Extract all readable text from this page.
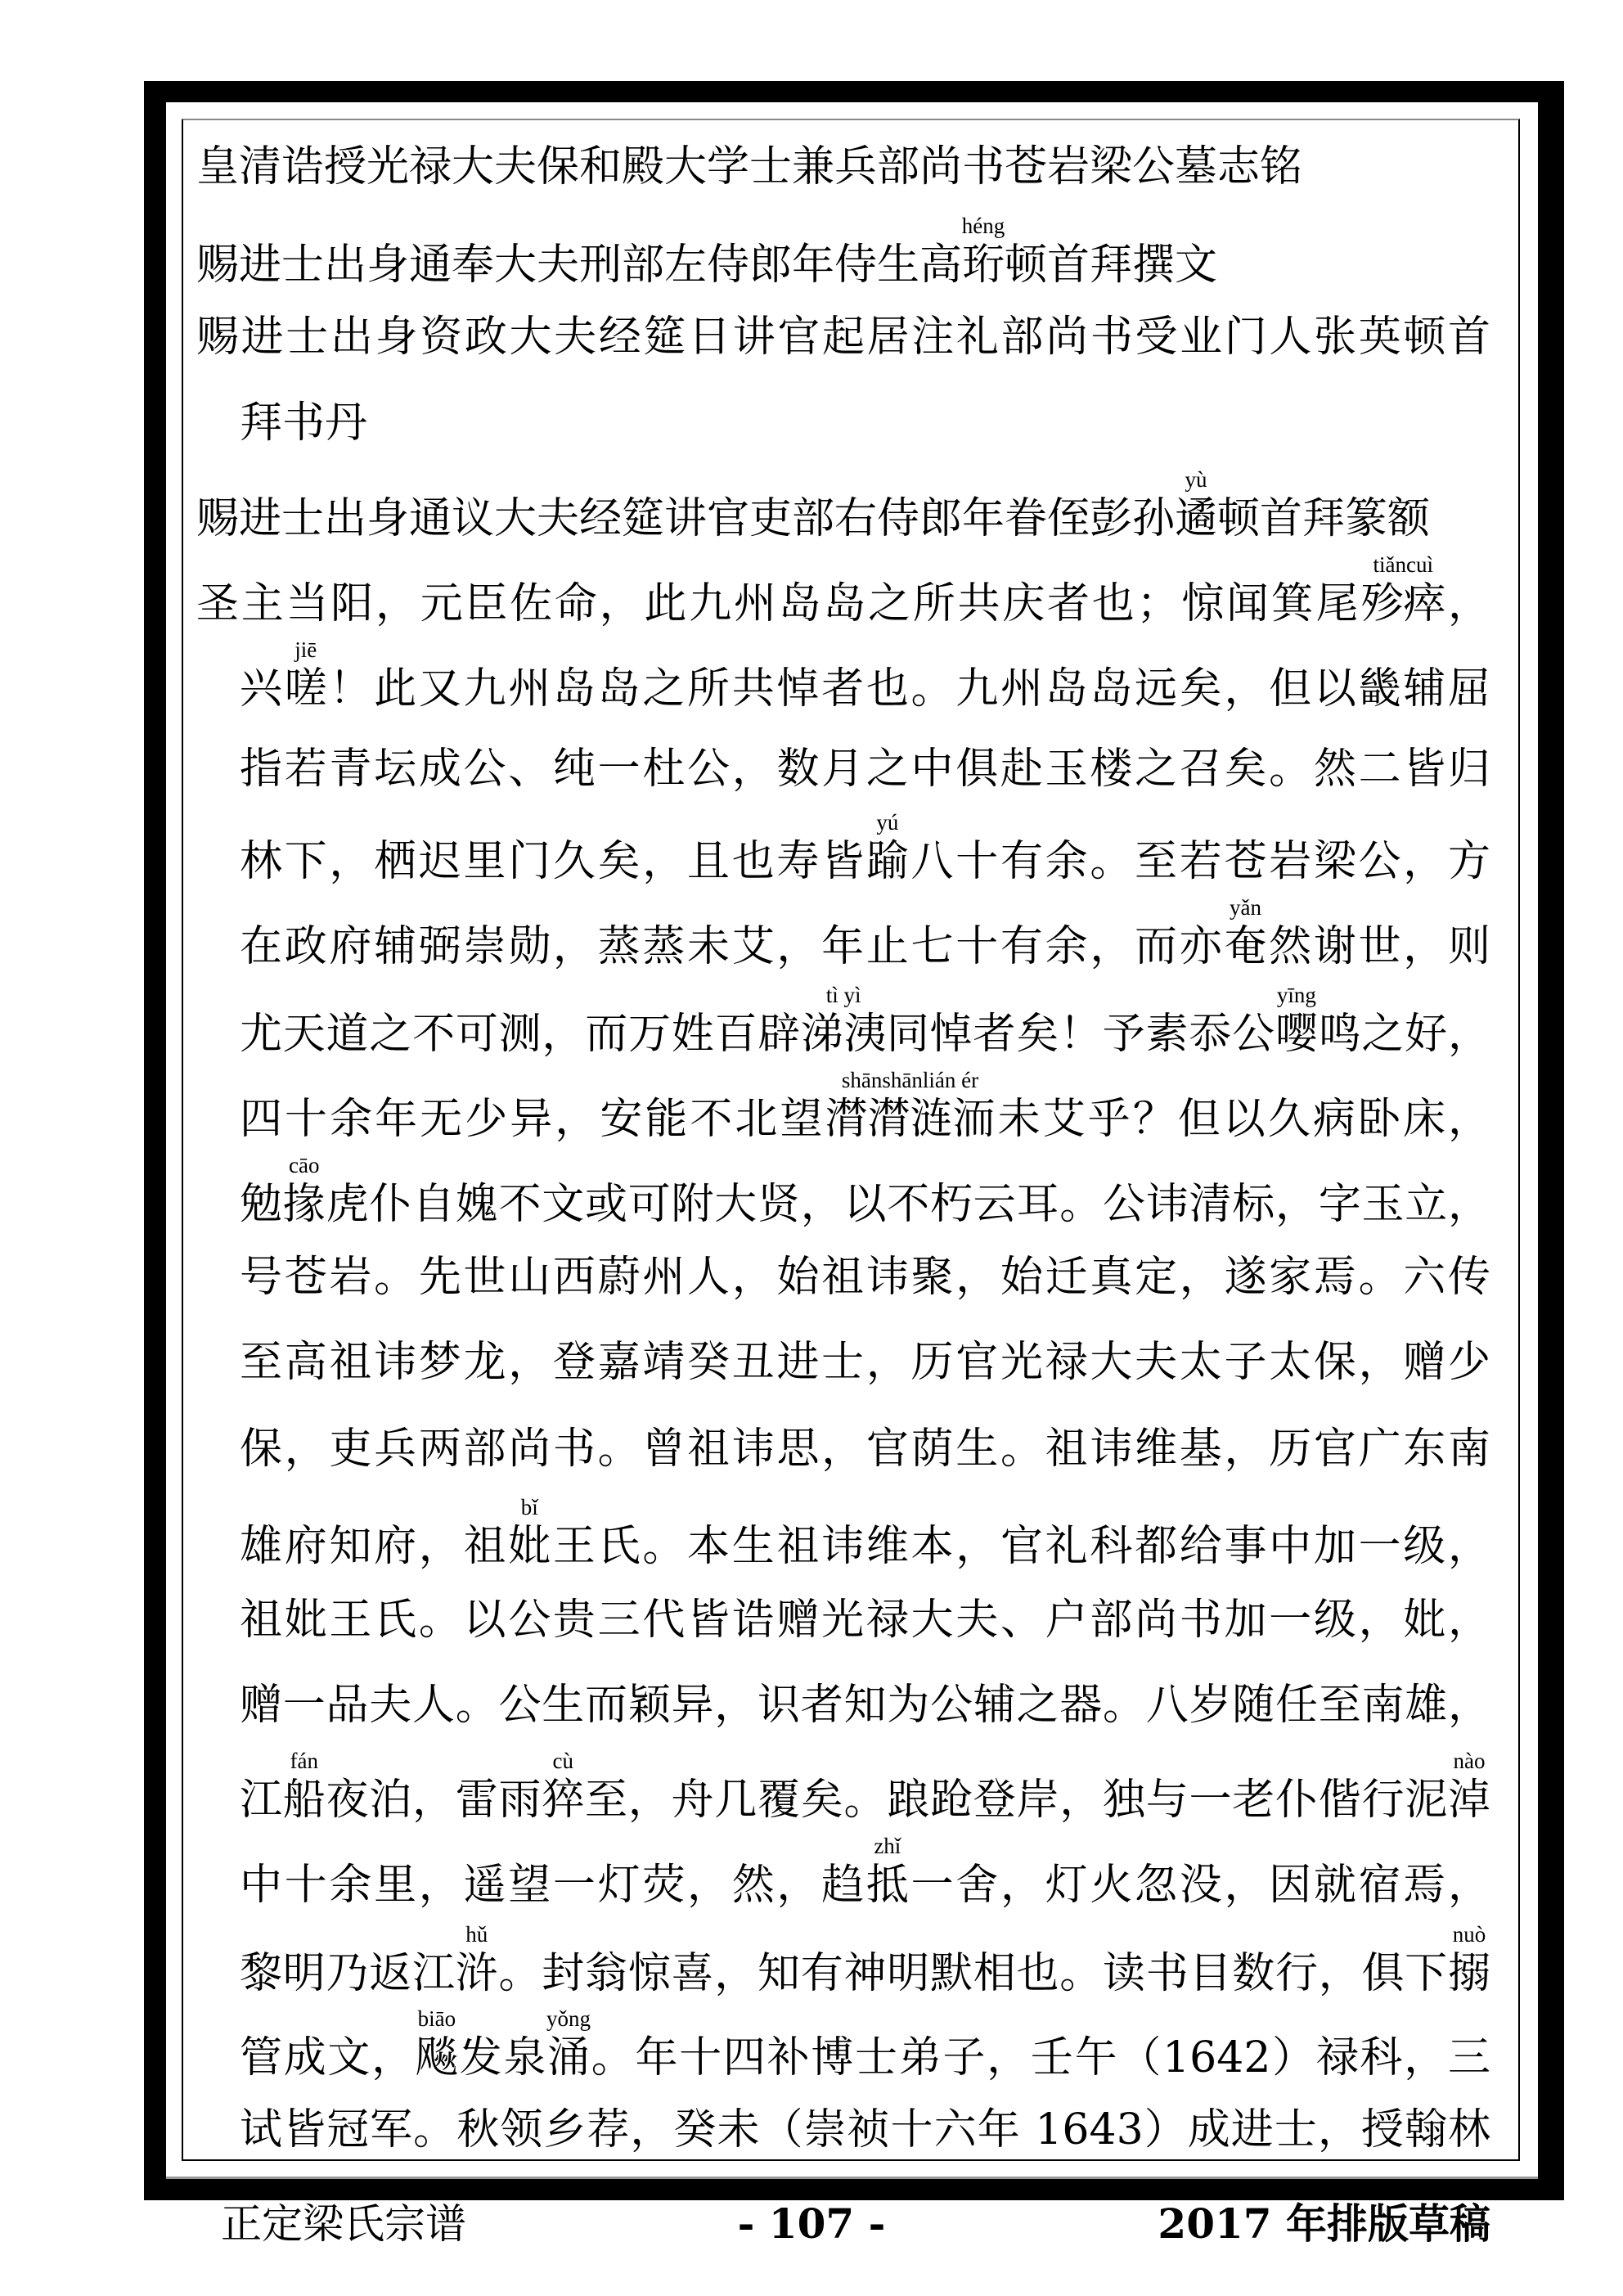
皇清诰授光禄大夫保和殿大学士兼兵部尚书苍岩梁公墓志铭
赐进士出身通奉大夫刑部左侍郎年侍生高
héng
珩顿首拜撰文
赐进士出身资政大夫经筵日讲官起居注礼部尚书受业门人张英顿首
拜书丹
赐进士出身通议大夫经筵讲官吏部右侍郎年眷侄彭孙
yù
遹顿首拜篆额
圣主当阳，元臣佐命，此九州岛岛之所共庆者也；惊闻箕尾
tiǎncuì
殄瘁，
兴
jiē
嗟！此又九州岛岛之所共悼者也。九州岛岛远矣，但以畿辅屈
指若青坛成公、纯一杜公，数月之中俱赴玉楼之召矣。然二皆归
林下，栖迟里门久矣，且也寿皆
yú
踰八十有余。至若苍岩梁公，方
在政府辅弼崇勋，蒸蒸未艾，年止七十有余，而亦
yǎn
奄然谢世，则
尤天道之不可测，而万姓百辟
tì yì
涕洟同悼者矣！予素忝公
yīng
嘤鸣之好，
四十余年无少异，安能不北望
shānshānlián ér
潸潸涟洏未艾乎？但以久病卧床，
勉
cāo
掾虎仆自媿不文或可附大贤，以不朽云耳。公讳清标，字玉立，
号苍岩。先世山西蔚州人，始祖讳聚，始迁真定，遂家焉。六传
至高祖讳梦龙，登嘉靖癸丑进士，历官光禄大夫太子太保，赠少
保，吏兵两部尚书。曾祖讳思，官荫生。祖讳维基，历官广东南
雄府知府，祖
bǐ
妣王氏。本生祖讳维本，官礼科都给事中加一级，
祖妣王氏。以公贵三代皆诰赠光禄大夫、户部尚书加一级，妣，
赠一品夫人。公生而颖异，识者知为公辅之器。八岁随任至南雄，
江
fán
船夜泊，雷雨
cù
猝至，舟几覆矣。踉跄登岸，独与一老仆偕行泥
nào
淖
中十余里，遥望一灯荧，然，趋
zhǐ
抵一舍，灯火忽没，因就宿焉，
黎明乃返江
hǔ
浒。封翁惊喜，知有神明默相也。读书目数行，俱下
nuò
搦
管成文，
biāo
飚发泉
yǒng
涌。年十四补博士弟子，壬午（1642）禄科，三
试皆冠军。秋领乡荐，癸未（崇祯十六年 1643）成进士，授翰林
正定梁氏宗谱	- 107 -	2017 年排版草稿
